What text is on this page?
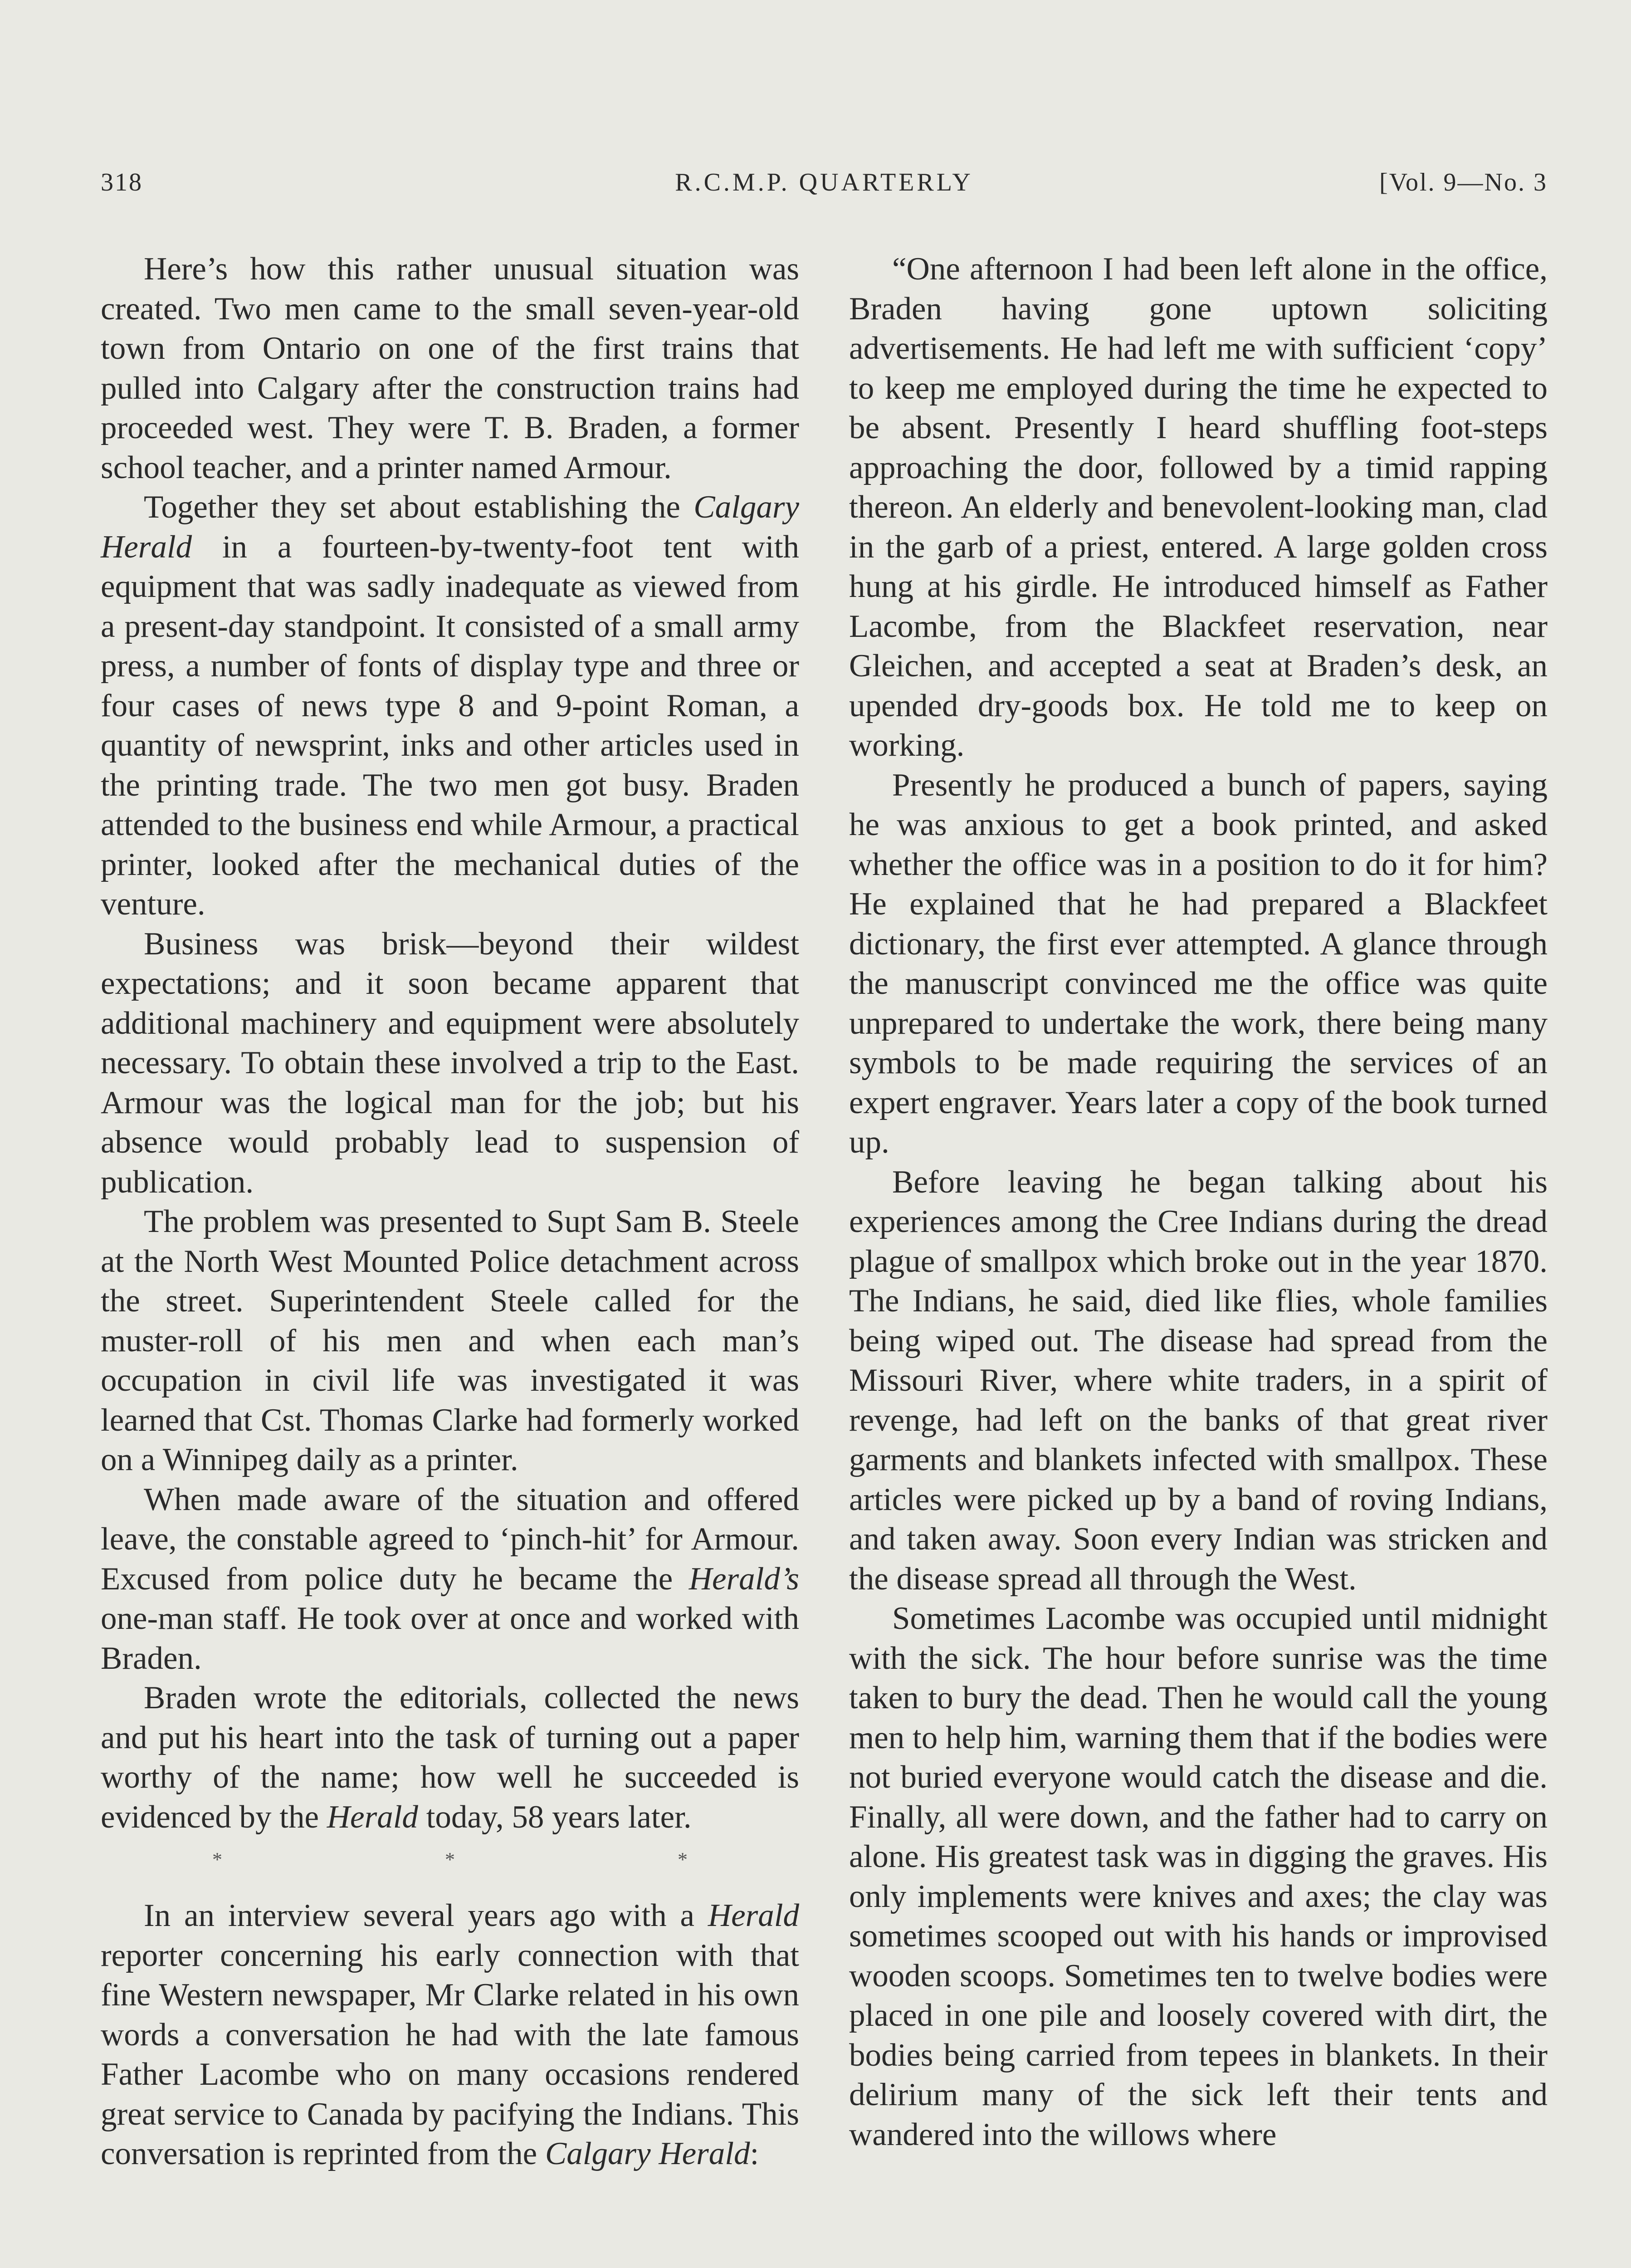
318	R.C.M.P. QUARTERLY	[Vol. 9—No. 3

Here’s how this rather unusual situation was created. Two men came to the small seven-year-old town from Ontario on one of the first trains that pulled into Calgary after the construction trains had proceeded west. They were T. B. Braden, a former school teacher, and a printer named Armour.

Together they set about establishing the Calgary Herald in a fourteen-by-twenty-foot tent with equipment that was sadly inadequate as viewed from a present-day standpoint. It consisted of a small army press, a number of fonts of display type and three or four cases of news type 8 and 9-point Roman, a quantity of newsprint, inks and other articles used in the printing trade. The two men got busy. Braden attended to the business end while Armour, a practical printer, looked after the mechanical duties of the venture.

Business was brisk—beyond their wildest expectations; and it soon became apparent that additional machinery and equipment were absolutely necessary. To obtain these involved a trip to the East. Armour was the logical man for the job; but his absence would probably lead to suspension of publication.

The problem was presented to Supt Sam B. Steele at the North West Mounted Police detachment across the street. Superintendent Steele called for the muster-roll of his men and when each man’s occupation in civil life was investigated it was learned that Cst. Thomas Clarke had formerly worked on a Winnipeg daily as a printer.

When made aware of the situation and offered leave, the constable agreed to ‘pinch-hit’ for Armour. Excused from police duty he became the Herald’s one-man staff. He took over at once and worked with Braden.

Braden wrote the editorials, collected the news and put his heart into the task of turning out a paper worthy of the name; how well he succeeded is evidenced by the Herald today, 58 years later.

* * *

In an interview several years ago with a Herald reporter concerning his early connection with that fine Western newspaper, Mr Clarke related in his own words a conversation he had with the late famous Father Lacombe who on many occasions rendered great service to Canada by pacifying the Indians. This conversation is reprinted from the Calgary Herald:

“One afternoon I had been left alone in the office, Braden having gone uptown soliciting advertisements. He had left me with sufficient ‘copy’ to keep me employed during the time he expected to be absent. Presently I heard shuffling foot-steps approaching the door, followed by a timid rapping thereon. An elderly and benevolent-looking man, clad in the garb of a priest, entered. A large golden cross hung at his girdle. He introduced himself as Father Lacombe, from the Blackfeet reservation, near Gleichen, and accepted a seat at Braden’s desk, an upended dry-goods box. He told me to keep on working.

Presently he produced a bunch of papers, saying he was anxious to get a book printed, and asked whether the office was in a position to do it for him? He explained that he had prepared a Blackfeet dictionary, the first ever attempted. A glance through the manuscript convinced me the office was quite unprepared to undertake the work, there being many symbols to be made requiring the services of an expert engraver. Years later a copy of the book turned up.

Before leaving he began talking about his experiences among the Cree Indians during the dread plague of smallpox which broke out in the year 1870. The Indians, he said, died like flies, whole families being wiped out. The disease had spread from the Missouri River, where white traders, in a spirit of revenge, had left on the banks of that great river garments and blankets infected with smallpox. These articles were picked up by a band of roving Indians, and taken away. Soon every Indian was stricken and the disease spread all through the West.

Sometimes Lacombe was occupied until midnight with the sick. The hour before sunrise was the time taken to bury the dead. Then he would call the young men to help him, warning them that if the bodies were not buried everyone would catch the disease and die. Finally, all were down, and the father had to carry on alone. His greatest task was in digging the graves. His only implements were knives and axes; the clay was sometimes scooped out with his hands or improvised wooden scoops. Sometimes ten to twelve bodies were placed in one pile and loosely covered with dirt, the bodies being carried from tepees in blankets. In their delirium many of the sick left their tents and wandered into the willows where
